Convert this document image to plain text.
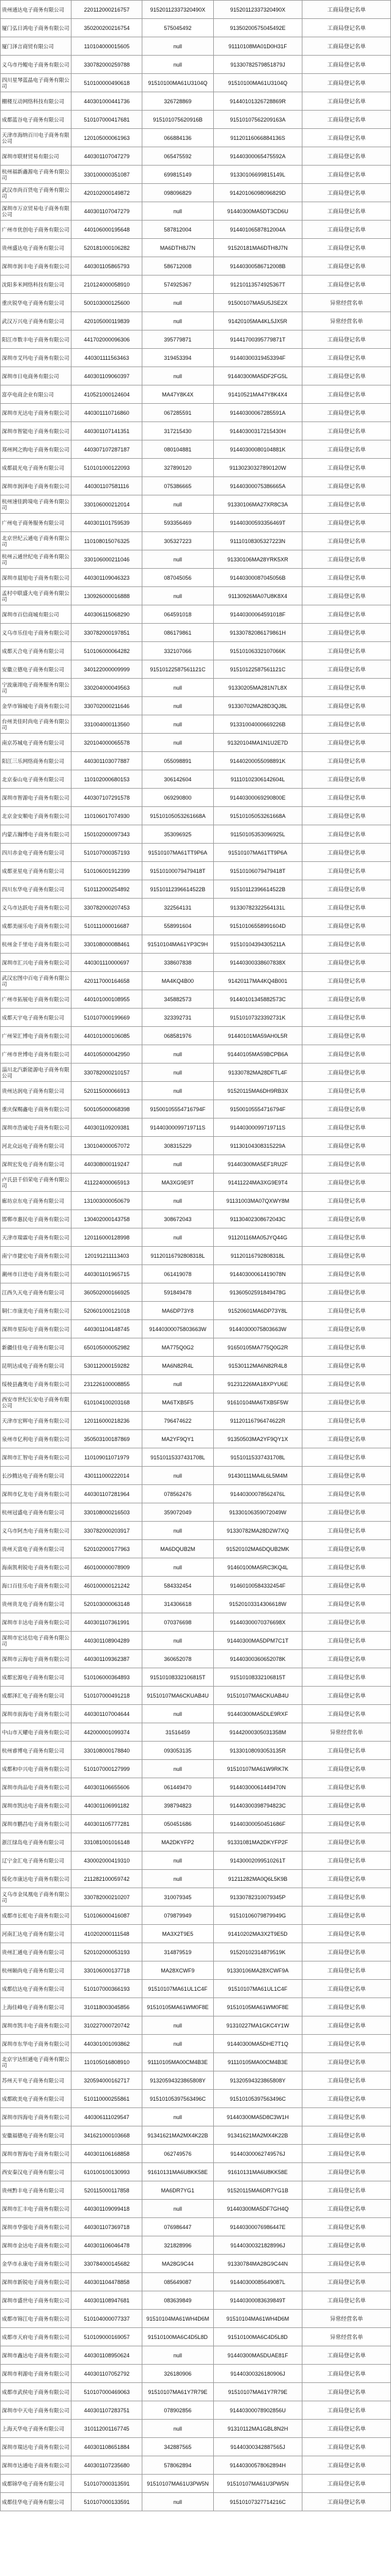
贵州通达电子商务有限公司	220112000216757	91520112337320490X	91520112337320490X	工商局登记名单
厦门弘日鸿电子商务有限公司	350200200216754	575045492	91350200575045492E	工商局登记名单
厦门泽言商贸有限公司	110104000015605	null	91110108MA01D0H31F	工商局登记名单
义乌市丹鲲电子商务有限公司	330782000259788	null	91330782579851879J	工商局登记名单
四川星琴蓝晶电子商务有限公司	510100000490618	91510100MA61U3104Q	91510100MA61U3104Q	工商局登记名单
棚楼互动网络科技有限公司	440301000441736	326728869	91440101326728869R	工商局登记名单
成都蓝谷电子商务有限公司	510107000417681	915101075620916B	91510107562209163A	工商局登记名单
天津市海纳百川电子商务有限公司	120105000061963	066884136	91120116066884136S	工商局登记名单
深圳市联财贸易有限公司	440301107047279	065475592	91440300065475592A	工商局登记名单
杭州福新鑫源电子商务有限公司	330100000351087	699815149	91330106699815149L	工商局登记名单
武汉市尚百货电子商务有限公司	420102000149872	098096829	91420106098096829D	工商局登记名单
深圳市万京贸易电子商务有限公司	440301107047279	null	91440300MA5DT3CD6U	工商局登记名单
广州市优创电子商务有限公司	440106000195648	587812004	91440106587812004A	工商局登记名单
贵州盛达电子商务有限公司	520181000106282	MA6DTH8J7N	91520181MA6DTH8J7N	工商局登记名单
深圳市润丰电子商务有限公司	440301105865793	586712008	91440300586712008B	工商局登记名单
沈阳多米网络科技有限公司	210124000058910	574925367	91210113574925367T	工商局登记名单
重庆锐华电子商务有限公司	500103000125600	null	91500107MA5U5JSE2X	异常经营名单
武汉万兴电子商务有限公司	420105000119839	null	91420105MA4KL5JX5R	异常经营名单
阳江市数丰电子商务有限公司	441702000096306	395779871	91441700395779871T	工商局登记名单
深圳市艾玛电子商务有限公司	440301111563463	319453394	91440300319453394F	工商局登记名单
深圳市日电商务有限公司	440301109060397	null	91440300MA5DF2FG5L	工商局登记名单
富亭电商企业有限公司	410521000124604	MA47Y8K4X	91410521MA47Y8K4X4	工商局登记名单
深圳市光达电子商务有限公司	440301110716860	067285591	91440300067285591A	工商局登记名单
深圳市智能电子商务有限公司	440301107141351	317215430	91440300317215430H	工商局登记名单
郑州网之购电子商务有限公司	440307107287187	080104881	91440300080104881K	工商局登记名单
成都晨光电子商务有限公司	510101000122093	327890120	91130230327890120W	工商局登记名单
深圳市润泽电子商务有限公司	440301107581116	075386665	91440300075386665A	工商局登记名单
杭州速佳跨境电子商务有限公司	330106000212014	null	91330106MA27XR8C3A	工商局登记名单
广州电子商务服务有限公司	440301101759539	593356469	91440300593356469T	工商局登记名单
北京世纪云通电子商务有限公司	110108015076325	305327223	91110108305327223N	工商局登记名单
杭州云通世纪电子商务有限公司	330106000211046	null	91330106MA28YRK5XR	工商局登记名单
深圳市晨旭电子商务有限公司	440301109046323	087045056	91440300087045056B	工商局登记名单
孟村中联盛大电子商务有限公司	130926000016888	null	91130926MA07U8K8X4	工商局登记名单
深圳市百信商城有限公司	440306115068290	064591018	91440300064591018F	工商局登记名单
义乌市乐佳电子商务有限公司	330782000197851	086179861	91330782086179861H	工商局登记名单
成都天合电子商务有限公司	510106000064282	332107066	91510106332107066K	工商局登记名单
安徽立德电子商务有限公司	340122000009999	91510122587561121C	91510122587561121C	工商局登记名单
宁波康翊电子商务服务有限公司	330204000049563	null	91330205MA281N7L8X	工商局登记名单
金华市锦城电子商务有限公司	330702000211646	null	91330702MA28D3QJ8L	工商局登记名单
台州美佳时尚电子商务有限公司	331004000113560	null	91331004000669226B	工商局登记名单
南京苏城电子商务有限公司	320104000065578	null	91320104MA1N1U2E7D	工商局登记名单
阳江三乐网络商务有限公司	440301103077887	055098891	91440200055098891K	工商局登记名单
北京泰山电子商务有限公司	110102000680153	306142604	91110102306142604L	工商局登记名单
深圳市智源电子商务有限公司	440307107291578	069290800	91440300069290800E	工商局登记名单
北京金安顺电子商务有限公司	110106017074930	91510105053261668A	91510105053261668A	工商局登记名单
内蒙古瀚博电子商务有限公司	150102000097343	353096925	91150105353096925L	工商局登记名单
四川赤金电子商务有限公司	510107000357193	91510107MA61TT9P6A	91510107MA61TT9P6A	工商局登记名单
成都亚星电子商务有限公司	510106001912399	91510100079479418T	91510106079479418T	工商局登记名单
四川东华电子商务有限公司	510112000254892	91510112396614522B	91510112396614522B	工商局登记名单
义乌市达跃电子商务有限公司	330782000207453	322564131	91330782322564131L	工商局登记名单
成都美丽乐电子商务有限公司	510111000016687	558991604	91510106558991604D	工商局登记名单
杭州金千里电子商务有限公司	330108000088461	91510104MA61YP3C9H	91510104394305211A	工商局登记名单
深圳市汇兴电子商务有限公司	440301110000697	338607838	91440300338607838X	工商局登记名单
武汉宏图中百电子商务有限公司	420117000164658	MA4KQ4B00	91420117MA4KQ4B001	工商局登记名单
广州市拓展电子商务有限公司	440101000108955	345882573	91440101345882573C	工商局登记名单
成都天宇电子商务有限公司	510107000199669	323392731	91510107323392731K	工商局登记名单
广州荣汇博电子商务有限公司	440101000106085	068581976	91440101MA59AH0L5R	工商局登记名单
广州市世博电子商务有限公司	440105000042950	null	91440105MA59BCPB6A	工商局登记名单
淄川北汽新能源电子商务有限公司	330782000210157	null	91330782MA28DFTL4F	工商局登记名单
贵州达润电子商务有限公司	520115000066913	null	91520115MA6DH9RB3X	工商局登记名单
重庆保赐鑫电子商务有限公司	500105000068398	91500105554716794F	91500105554716794F	工商局登记名单
深圳市浩诚电子商务有限公司	440301109209381	91440300099719711S	91440300099719711S	工商局登记名单
河北众远电子商务有限公司	130104000057072	308315229	91130104308315229A	工商局登记名单
深圳宏发电子商务有限公司	440308000119247	null	91440300MA5EF1RU2F	工商局登记名单
卢氏县千佰荣电子商务有限公司	411224000065913	MA3XG9E9T	91411224MA3XG9E9T4	工商局登记名单
廊坊京东电子商务有限公司	131003000050679	null	91131003MA07QXWY8M	工商局登记名单
邯郸市惠民电子商务有限公司	130402000143758	308672043	91130402308672043C	工商局登记名单
天津市瑞霖电子商务有限公司	120116000128998	null	91120116MA05JYQ44G	工商局登记名单
南宁市捷宏电子商务有限公司	120191211113403	91120116792808318L	91120116792808318L	工商局登记名单
潮州市日进电子商务有限公司	440301101965715	061419078	91440300061419078N	工商局登记名单
江西久天电子商务有限公司	360502000166925	591849478	91360502591849478G	工商局登记名单
铜仁市康美电子商务有限公司	520601000121018	MA6DP73Y8	91520601MA6DP73Y8L	工商局登记名单
深圳市星际电子商务有限公司	440301104148745	91440300075803663W	91440300075803663W	工商局登记名单
新疆佳佳电子商务有限公司	650105000052982	MA775Q0G2	91650105MA775Q0G2R	工商局登记名单
昆明达成电子商务有限公司	530112000159282	MA6N82R4L	91530112MA6N82R4L8	工商局登记名单
绥棱县鑫奥电子商务有限公司	231226100008855	null	91231226MA18XPYU6E	工商局登记名单
西安市世纪长安电子商务有限公司	610104100203168	MA6TXB5F5	91610104MA6TXB5F5W	工商局登记名单
天津市宏辉电子商务有限公司	120116000218236	796474622	91120116796474622R	工商局登记名单
泉州市亿利电子商务有限公司	350503100187869	MA2YF9QY1	91350503MA2YF9QY1X	工商局登记名单
深圳市汇智电子商务有限公司	110109011071979	91510115337431708L	91510115337431708L	工商局登记名单
长沙腾达电子商务有限公司	430111000222014	null	91430111MA4L6L5M4M	工商局登记名单
深圳市亿龙电子商务有限公司	440301107281964	078562476	91440300078562476L	工商局登记名单
杭州冠盛电子商务有限公司	330108000216503	359072049	91330106359072049W	工商局登记名单
义乌市阿杰电子商务有限公司	330782000203917	null	91330782MA28D2W7XQ	工商局登记名单
贵州天富电子商务有限公司	520102000177963	MA6DQUB2M	91520102MA6DQUB2MK	工商局登记名单
海南凯利锐电子商务有限公司	460100000078909	null	91460100MA5RC3KQ4L	工商局登记名单
海口百佳乐电子商务有限公司	460100000121242	584332454	91460100584332454F	工商局登记名单
贵州贵龙电子商务有限公司	520103000063148	314306618	91520103314306618W	工商局登记名单
深圳市丰达电子商务有限公司	440301107361991	070376698	91440300070376698X	工商局登记名单
深圳市宏达信电子商务有限公司	440301108904289	null	91440300MA5DPM7C1T	工商局登记名单
深圳市云海电子商务有限公司	440301109362387	360652078	91440300360652078K	工商局登记名单
成都宏源电子商务有限公司	510106000364893	91510108332106815T	91510108332106815T	工商局登记名单
成都泽汇电子商务有限公司	510107000491218	91510107MA6CKUAB4U	91510107MA6CKUAB4U	工商局登记名单
深圳市前海电子商务有限公司	440301107004644	null	91440300MA5DLE9RXF	工商局登记名单
中山市天耀电子商务有限公司	442000001099374	31516459	91442000305031358M	异常经营名单
杭州睿博电子商务有限公司	330108000178840	093053135	91330108093053135R	工商局登记名单
成都和中兴电子商务有限公司	510107000127999	null	91510107MA61W9RK7K	工商局登记名单
深圳市尚品电子商务有限公司	440301106655606	061449470	91440300061449470N	工商局登记名单
深圳市凯达电子商务有限公司	440301106991182	398794823	91440300398794823C	工商局登记名单
深圳市鹏昌电子商务有限公司	440301105777281	050451686	91440300050451686F	工商局登记名单
浙江绿岛电子商务有限公司	331081001016148	MA2DKYFP2	91331081MA2DKYFP2F	工商局登记名单
辽宁金汇电子商务有限公司	430002000419310	null	91430002099510261T	工商局登记名单
绥化市康达电子商务有限公司	211282100059742	null	91211282MA0Q6L5K9B	工商局登记名单
义乌市金凤凰电子商务有限公司	330782000210207	310079345	91330782310079345P	工商局登记名单
成都市长虹电子商务有限公司	510106000416087	079879949	91510106079879949G	工商局登记名单
河南汇达电子商务有限公司	410202000111548	MA3X2T9E5	91410202MA3X2T9E5D	工商局登记名单
贵州汇通电子商务有限公司	520102000053193	314879519	91520102314879519K	工商局登记名单
杭州颐尚电子商务有限公司	330106000137718	MA28XCWF9	91330106MA28XCWF9A	工商局登记名单
成都信达电子商务有限公司	510107000366193	91510107MA61UL1C4F	91510107MA61UL1C4F	工商局登记名单
上海佳峰电子商务有限公司	310118003045856	91510105MA61WM0F8E	91510105MA61WM0F8E	工商局登记名单
深圳市凯丰电子商务有限公司	310227000720742	null	91310227MA1GKC4Y1W	工商局登记名单
深圳市东华电子商务有限公司	440301001093862	null	91440300MA5DHE7T1Q	工商局登记名单
北京宇达恒通电子商务有限公司	110105016808910	91110105MA00CM4B3E	91110105MA00CM4B3E	工商局登记名单
苏州天平电子商务有限公司	320594000162717	91320594323865808Y	91320594323865808Y	工商局登记名单
成都欧美电子商务有限公司	510110000255861	91510105397563496C	91510105397563496C	工商局登记名单
深圳市四海电子商务有限公司	440306111029547	null	91440300MA5D8C3W1H	工商局登记名单
安徽福德电子商务有限公司	341621000103668	91341621MA2MX4K22B	91341621MA2MX4K22B	工商局登记名单
深圳市智海电子商务有限公司	440301106168858	062749576	91440300062749576J	工商局登记名单
西安秦汉电子商务有限公司	610100100130993	91610131MA6U8KK58E	91610131MA6U8KK58E	工商局登记名单
贵州黔丰电子商务有限公司	520115000117858	MA6DR7YG1	91520115MA6DR7YG1B	工商局登记名单
深圳市汇丰电子商务有限公司	440301109099418	null	91440300MA5DF7GH4Q	工商局登记名单
深圳市华强电子商务有限公司	440301107369718	076986447	91440300076986447E	工商局登记名单
深圳市金达电子商务有限公司	440301106046478	321828996	91440300321828996J	工商局登记名单
金华市永康电子商务有限公司	330784000145682	MA28G9C44	91330784MA28G9C44N	工商局登记名单
深圳市新锐电子商务有限公司	440301104478858	085649087	91440300085649087L	工商局登记名单
深圳市盛世电子商务有限公司	440301108947681	083639849	91440300083639849T	工商局登记名单
成都市锦江电子商务有限公司	510104000077337	91510104MA61WH4D6M	91510104MA61WH4D6M	异常经营名单
成都市天府电子商务有限公司	510109000169057	91510100MA6C4D5L8D	91510100MA6C4D5L8D	异常经营名单
深圳市鑫达电子商务有限公司	440301108950624	null	91440300MA5DUAE81F	工商局登记名单
深圳市利源电子商务有限公司	440301107052792	326180906	91440300326180906J	工商局登记名单
成都市武侯电子商务有限公司	510107000469063	91510107MA61Y7R79E	91510107MA61Y7R79E	工商局登记名单
深圳市中天电子商务有限公司	440301107283751	078902856	91440300078902856U	工商局登记名单
上海天华电子商务有限公司	310112001167745	null	91310112MA1GBL8N2H	工商局登记名单
深圳市瑞达电子商务有限公司	440301108651884	342887565	91440300342887565J	工商局登记名单
深圳市达通电子商务有限公司	440301107235680	578062894	91440300578062894H	工商局登记名单
成都锦华电子商务有限公司	510107000313591	91510107MA61U3PW5N	91510107MA61U3PW5N	工商局登记名单
成都佳华电子商务有限公司	510107000133591	null	91510107327714216C	工商局登记名单
